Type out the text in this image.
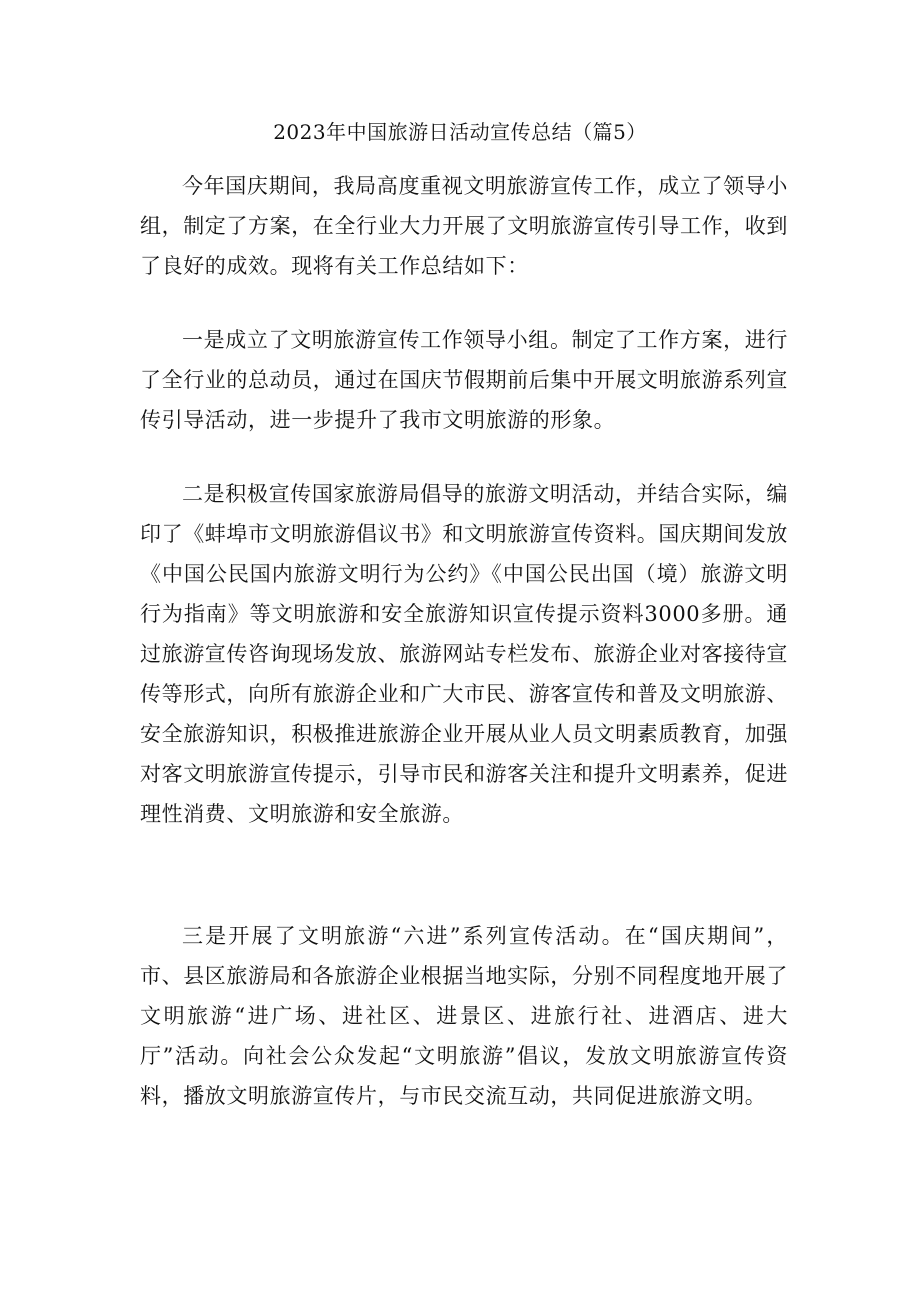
2023年中国旅游日活动宣传总结（篇5）

今年国庆期间，我局高度重视文明旅游宣传工作，成立了领导小组，制定了方案，在全行业大力开展了文明旅游宣传引导工作，收到了良好的成效。现将有关工作总结如下：

一是成立了文明旅游宣传工作领导小组。制定了工作方案，进行了全行业的总动员，通过在国庆节假期前后集中开展文明旅游系列宣传引导活动，进一步提升了我市文明旅游的形象。

二是积极宣传国家旅游局倡导的旅游文明活动，并结合实际，编印了《蚌埠市文明旅游倡议书》和文明旅游宣传资料。国庆期间发放《中国公民国内旅游文明行为公约》《中国公民出国（境）旅游文明行为指南》等文明旅游和安全旅游知识宣传提示资料3000多册。通过旅游宣传咨询现场发放、旅游网站专栏发布、旅游企业对客接待宣传等形式，向所有旅游企业和广大市民、游客宣传和普及文明旅游、安全旅游知识，积极推进旅游企业开展从业人员文明素质教育，加强对客文明旅游宣传提示，引导市民和游客关注和提升文明素养，促进理性消费、文明旅游和安全旅游。

三是开展了文明旅游“六进”系列宣传活动。在“国庆期间”，市、县区旅游局和各旅游企业根据当地实际，分别不同程度地开展了文明旅游“进广场、进社区、进景区、进旅行社、进酒店、进大厅”活动。向社会公众发起“文明旅游”倡议，发放文明旅游宣传资料，播放文明旅游宣传片，与市民交流互动，共同促进旅游文明。
